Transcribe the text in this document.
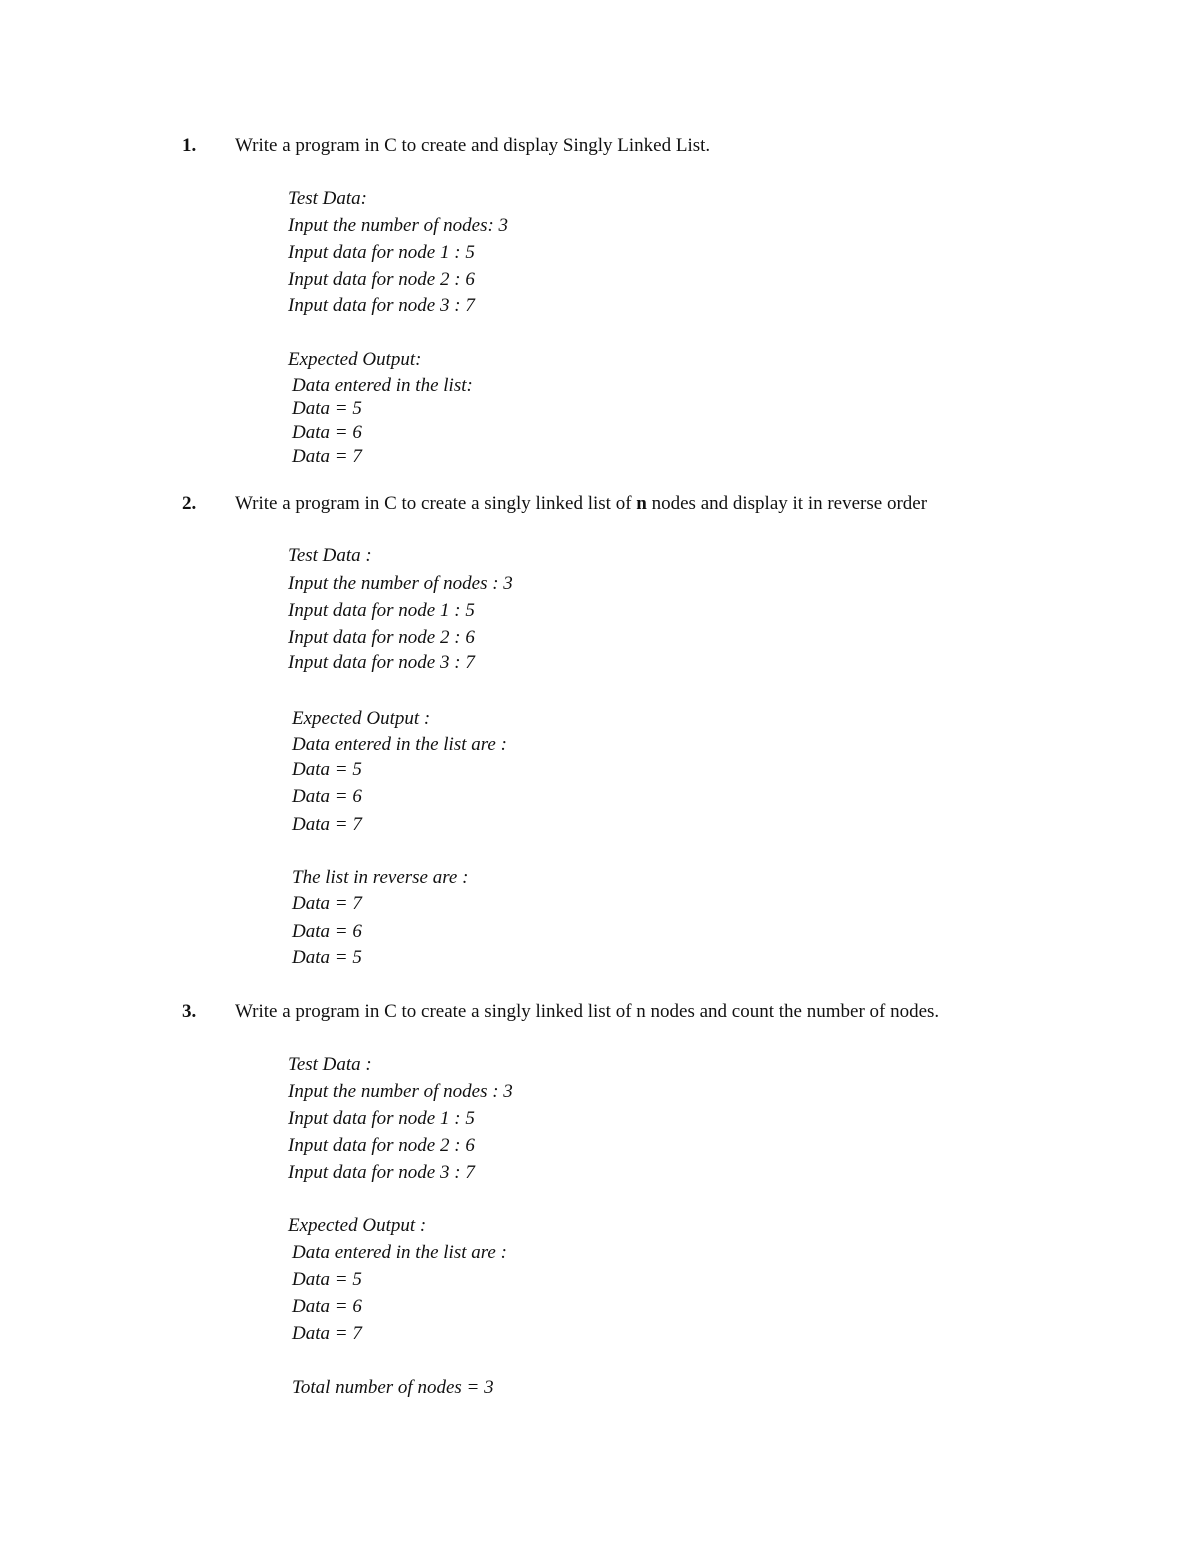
1. Write a program in C to create and display Singly Linked List.
Test Data:
Input the number of nodes: 3
Input data for node 1 : 5
Input data for node 2 : 6
Input data for node 3 : 7
Expected Output:
Data entered in the list:
Data = 5
Data = 6
Data = 7
2. Write a program in C to create a singly linked list of n nodes and display it in reverse order
Test Data :
Input the number of nodes : 3
Input data for node 1 : 5
Input data for node 2 : 6
Input data for node 3 : 7
Expected Output :
Data entered in the list are :
Data = 5
Data = 6
Data = 7
The list in reverse are :
Data = 7
Data = 6
Data = 5
3. Write a program in C to create a singly linked list of n nodes and count the number of nodes.
Test Data :
Input the number of nodes : 3
Input data for node 1 : 5
Input data for node 2 : 6
Input data for node 3 : 7
Expected Output :
Data entered in the list are :
Data = 5
Data = 6
Data = 7
Total number of nodes = 3
